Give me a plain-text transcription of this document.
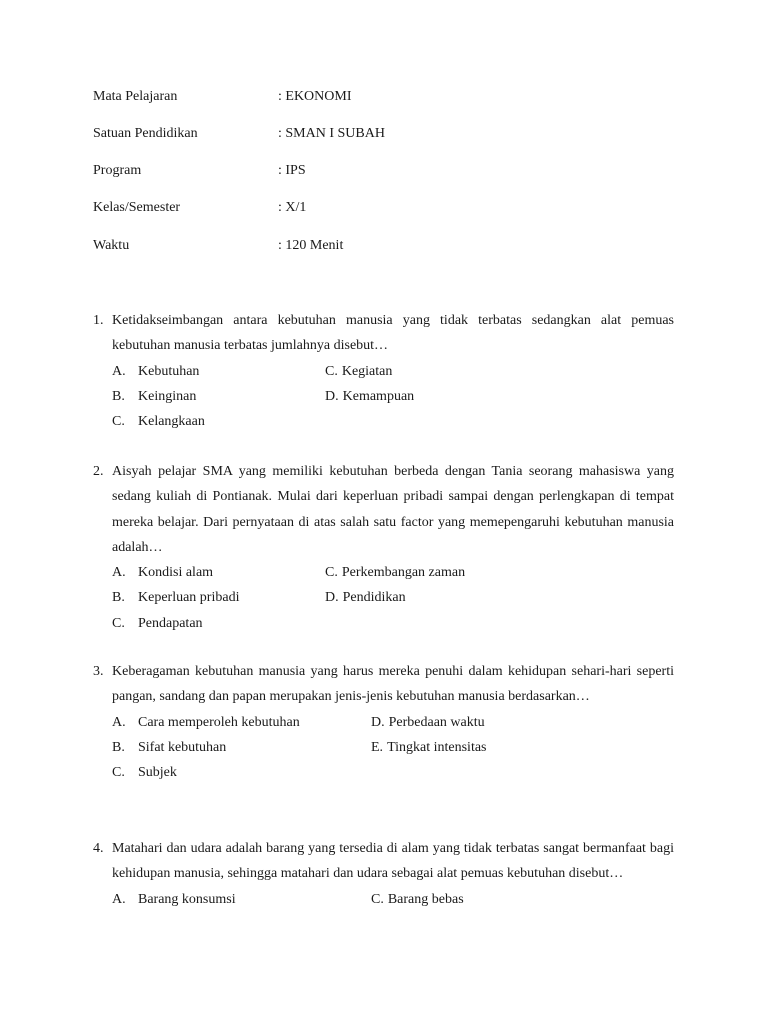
Mata Pelajaran	: EKONOMI
Satuan Pendidikan	: SMAN I SUBAH
Program	: IPS
Kelas/Semester	: X/1
Waktu	: 120 Menit
1. Ketidakseimbangan antara kebutuhan manusia yang tidak terbatas sedangkan alat pemuas kebutuhan manusia terbatas jumlahnya disebut…
A. Kebutuhan	C. Kegiatan
B. Keinginan	D. Kemampuan
C. Kelangkaan
2. Aisyah pelajar SMA yang memiliki kebutuhan berbeda dengan Tania seorang mahasiswa yang sedang kuliah di Pontianak. Mulai dari keperluan pribadi sampai dengan perlengkapan di tempat mereka belajar. Dari pernyataan di atas salah satu factor yang memepengaruhi kebutuhan manusia adalah…
A. Kondisi alam	C. Perkembangan zaman
B. Keperluan pribadi	D. Pendidikan
C. Pendapatan
3. Keberagaman kebutuhan manusia yang harus mereka penuhi dalam kehidupan sehari-hari seperti pangan, sandang dan papan merupakan jenis-jenis kebutuhan manusia berdasarkan…
A. Cara memperoleh kebutuhan	D. Perbedaan waktu
B. Sifat kebutuhan	E. Tingkat intensitas
C. Subjek
4. Matahari dan udara adalah barang yang tersedia di alam yang tidak terbatas sangat bermanfaat bagi kehidupan manusia, sehingga matahari dan udara sebagai alat pemuas kebutuhan disebut…
A. Barang konsumsi	C. Barang bebas
